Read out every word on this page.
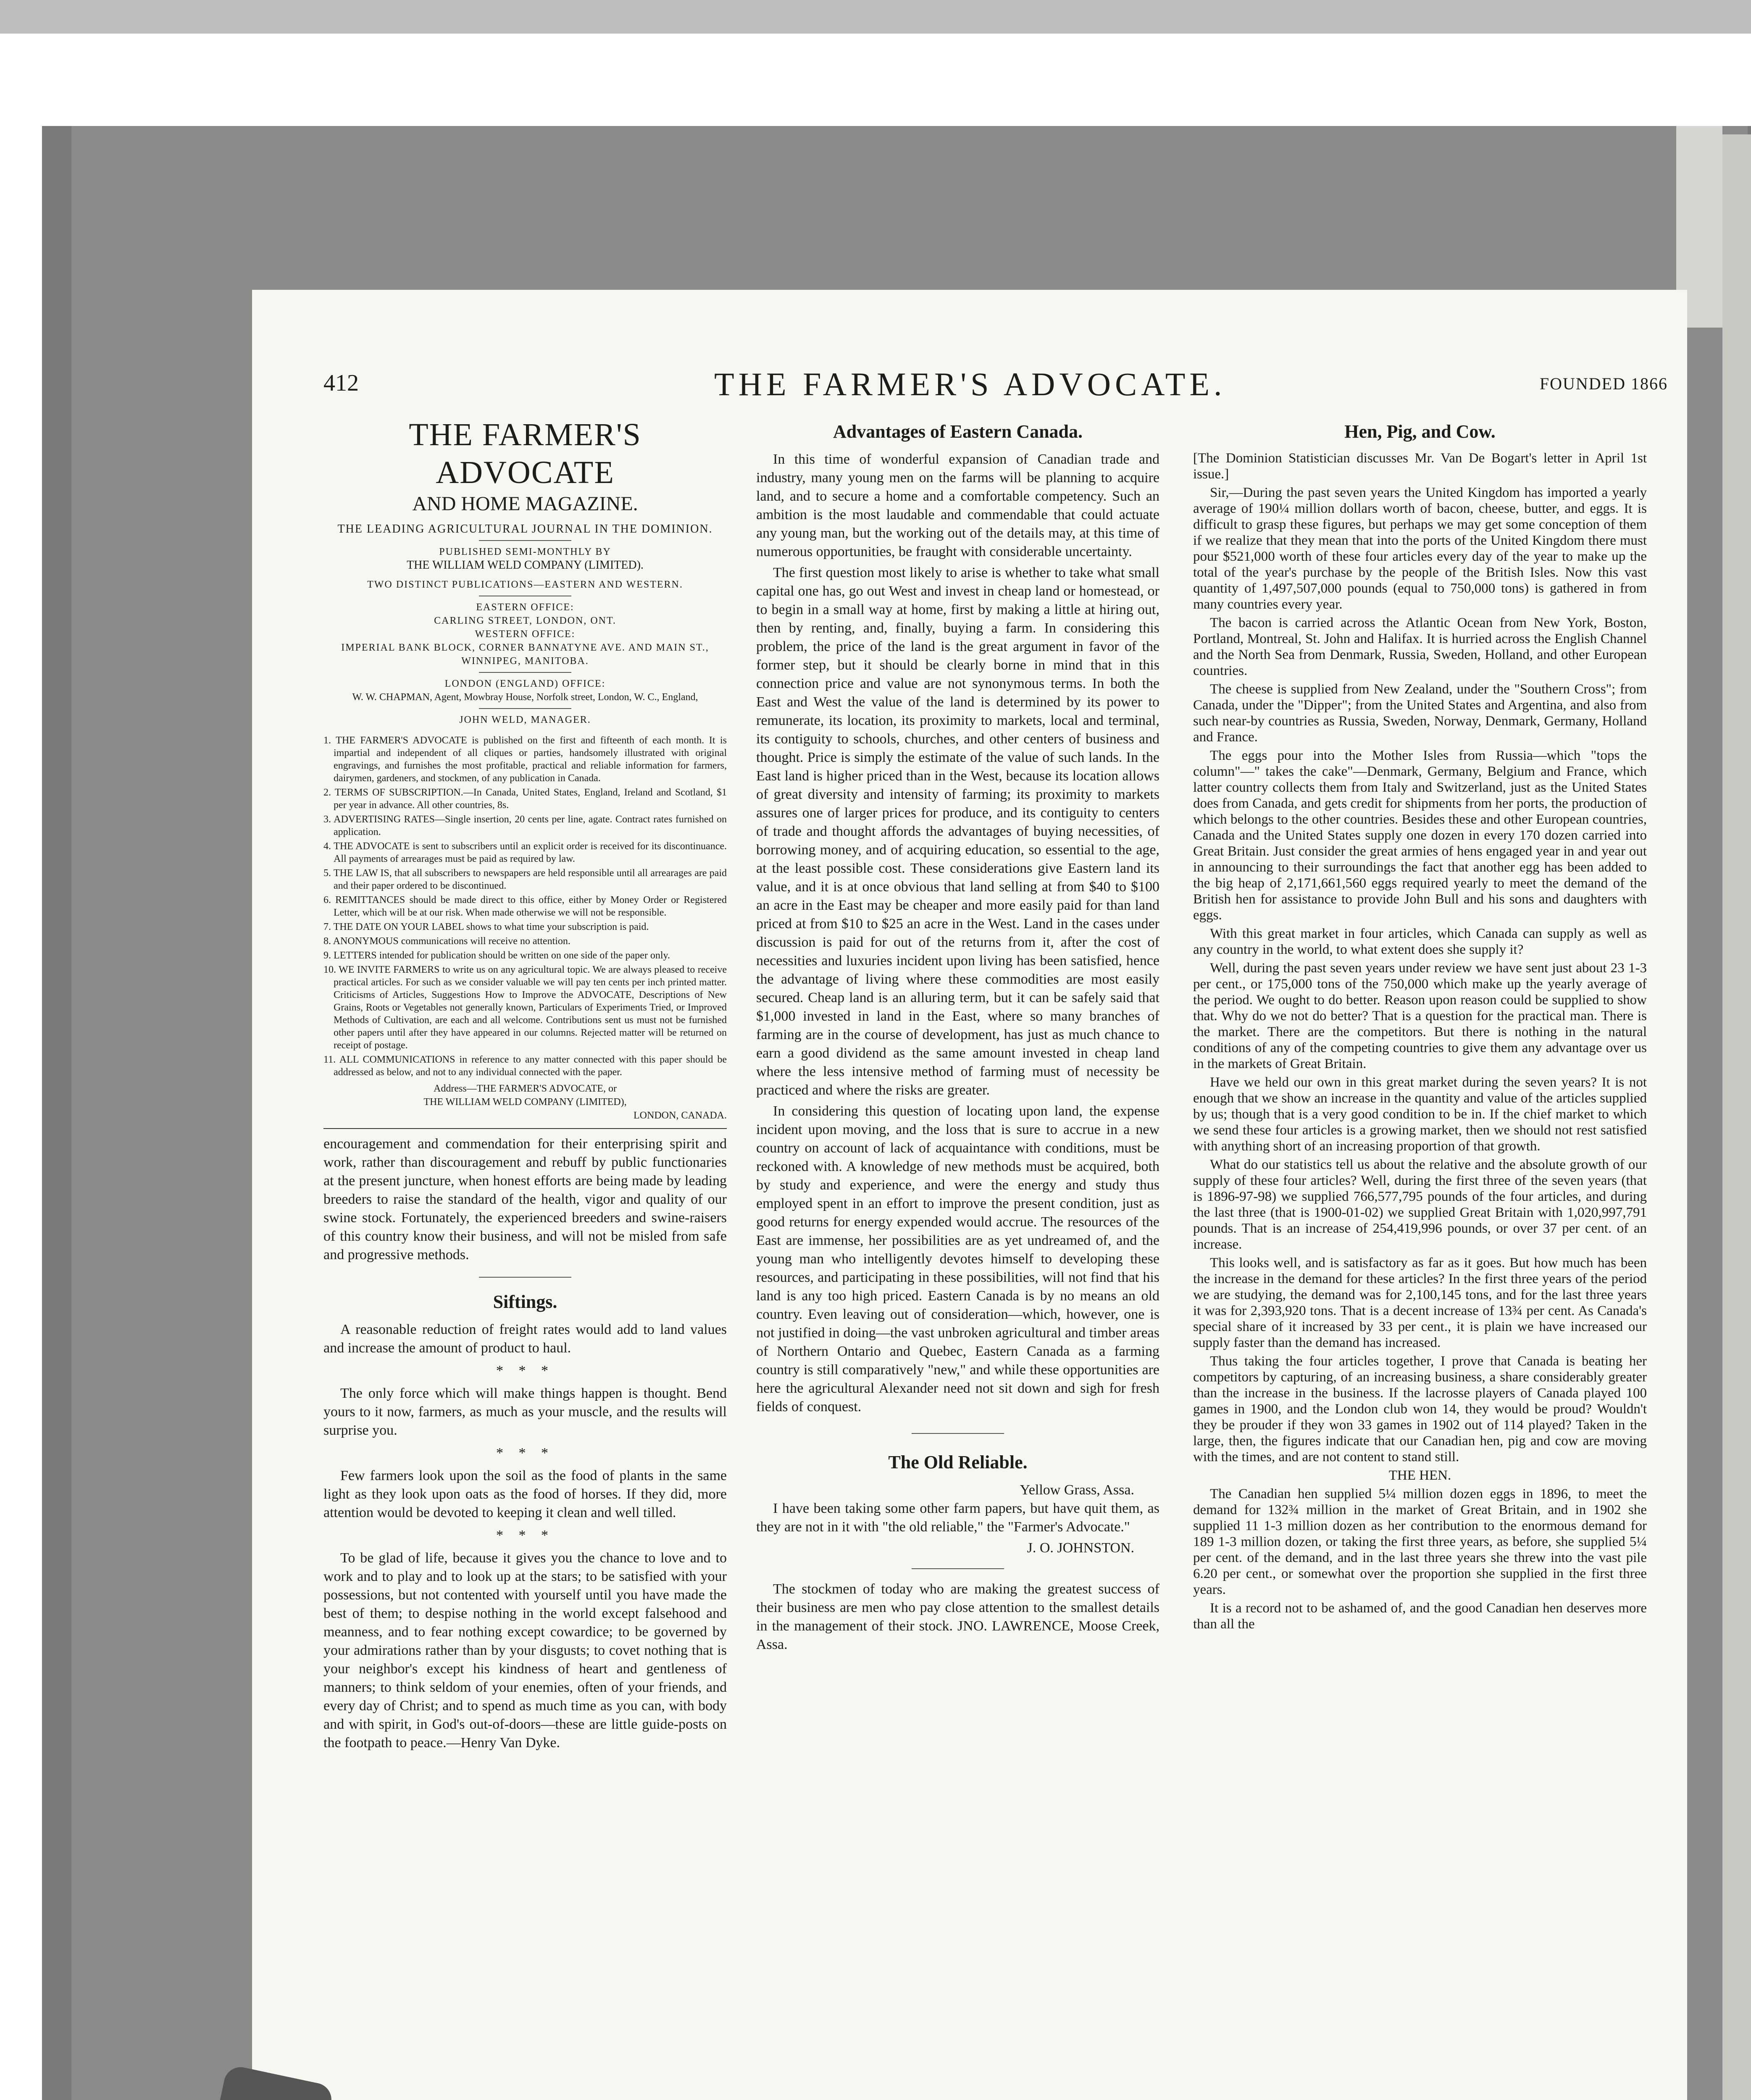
412	THE FARMER'S ADVOCATE.	FOUNDED 1866
THE FARMER'S ADVOCATE
AND HOME MAGAZINE.
THE LEADING AGRICULTURAL JOURNAL IN THE DOMINION.
PUBLISHED SEMI-MONTHLY BY
THE WILLIAM WELD COMPANY (LIMITED).
TWO DISTINCT PUBLICATIONS—EASTERN AND WESTERN.
EASTERN OFFICE:
CARLING STREET, LONDON, ONT.
WESTERN OFFICE:
IMPERIAL BANK BLOCK, CORNER BANNATYNE AVE. AND MAIN ST., WINNIPEG, MANITOBA.
LONDON (ENGLAND) OFFICE:
W. W. CHAPMAN, Agent, Mowbray House, Norfolk street, London, W. C., England,
JOHN WELD, MANAGER.

1. THE FARMER'S ADVOCATE is published on the first and fifteenth of each month. It is impartial and independent of all cliques or parties, handsomely illustrated with original engravings, and furnishes the most profitable, practical and reliable information for farmers, dairymen, gardeners, and stockmen, of any publication in Canada.

2. TERMS OF SUBSCRIPTION.—In Canada, United States, England, Ireland and Scotland, $1 per year in advance. All other countries, 8s.

3. ADVERTISING RATES—Single insertion, 20 cents per line, agate. Contract rates furnished on application.

4. THE ADVOCATE is sent to subscribers until an explicit order is received for its discontinuance. All payments of arrearages must be paid as required by law.

5. THE LAW IS, that all subscribers to newspapers are held responsible until all arrearages are paid and their paper ordered to be discontinued.

6. REMITTANCES should be made direct to this office, either by Money Order or Registered Letter, which will be at our risk. When made otherwise we will not be responsible.

7. THE DATE ON YOUR LABEL shows to what time your subscription is paid.

8. ANONYMOUS communications will receive no attention.

9. LETTERS intended for publication should be written on one side of the paper only.

10. WE INVITE FARMERS to write us on any agricultural topic. We are always pleased to receive practical articles. For such as we consider valuable we will pay ten cents per inch printed matter. Criticisms of Articles, Suggestions How to Improve the ADVOCATE, Descriptions of New Grains, Roots or Vegetables not generally known, Particulars of Experiments Tried, or Improved Methods of Cultivation, are each and all welcome. Contributions sent us must not be furnished other papers until after they have appeared in our columns. Rejected matter will be returned on receipt of postage.

11. ALL COMMUNICATIONS in reference to any matter connected with this paper should be addressed as below, and not to any individual connected with the paper.

Address—THE FARMER'S ADVOCATE, or
THE WILLIAM WELD COMPANY (LIMITED),
LONDON, CANADA.

encouragement and commendation for their enterprising spirit and work, rather than discouragement and rebuff by public functionaries at the present juncture, when honest efforts are being made by leading breeders to raise the standard of the health, vigor and quality of our swine stock. Fortunately, the experienced breeders and swine-raisers of this country know their business, and will not be misled from safe and progressive methods.

Siftings.

A reasonable reduction of freight rates would add to land values and increase the amount of product to haul.

* * *

The only force which will make things happen is thought. Bend yours to it now, farmers, as much as your muscle, and the results will surprise you.

* * *

Few farmers look upon the soil as the food of plants in the same light as they look upon oats as the food of horses. If they did, more attention would be devoted to keeping it clean and well tilled.

* * *

To be glad of life, because it gives you the chance to love and to work and to play and to look up at the stars; to be satisfied with your possessions, but not contented with yourself until you have made the best of them; to despise nothing in the world except falsehood and meanness, and to fear nothing except cowardice; to be governed by your admirations rather than by your disgusts; to covet nothing that is your neighbor's except his kindness of heart and gentleness of manners; to think seldom of your enemies, often of your friends, and every day of Christ; and to spend as much time as you can, with body and with spirit, in God's out-of-doors—these are little guide-posts on the footpath to peace.—Henry Van Dyke.

Advantages of Eastern Canada.

In this time of wonderful expansion of Canadian trade and industry, many young men on the farms will be planning to acquire land, and to secure a home and a comfortable competency. Such an ambition is the most laudable and commendable that could actuate any young man, but the working out of the details may, at this time of numerous opportunities, be fraught with considerable uncertainty.

The first question most likely to arise is whether to take what small capital one has, go out West and invest in cheap land or homestead, or to begin in a small way at home, first by making a little at hiring out, then by renting, and, finally, buying a farm. In considering this problem, the price of the land is the great argument in favor of the former step, but it should be clearly borne in mind that in this connection price and value are not synonymous terms. In both the East and West the value of the land is determined by its power to remunerate, its location, its proximity to markets, local and terminal, its contiguity to schools, churches, and other centers of business and thought. Price is simply the estimate of the value of such lands. In the East land is higher priced than in the West, because its location allows of great diversity and intensity of farming; its proximity to markets assures one of larger prices for produce, and its contiguity to centers of trade and thought affords the advantages of buying necessities, of borrowing money, and of acquiring education, so essential to the age, at the least possible cost. These considerations give Eastern land its value, and it is at once obvious that land selling at from $40 to $100 an acre in the East may be cheaper and more easily paid for than land priced at from $10 to $25 an acre in the West. Land in the cases under discussion is paid for out of the returns from it, after the cost of necessities and luxuries incident upon living has been satisfied, hence the advantage of living where these commodities are most easily secured. Cheap land is an alluring term, but it can be safely said that $1,000 invested in land in the East, where so many branches of farming are in the course of development, has just as much chance to earn a good dividend as the same amount invested in cheap land where the less intensive method of farming must of necessity be practiced and where the risks are greater.

In considering this question of locating upon land, the expense incident upon moving, and the loss that is sure to accrue in a new country on account of lack of acquaintance with conditions, must be reckoned with. A knowledge of new methods must be acquired, both by study and experience, and were the energy and study thus employed spent in an effort to improve the present condition, just as good returns for energy expended would accrue. The resources of the East are immense, her possibilities are as yet undreamed of, and the young man who intelligently devotes himself to developing these resources, and participating in these possibilities, will not find that his land is any too high priced. Eastern Canada is by no means an old country. Even leaving out of consideration—which, however, one is not justified in doing—the vast unbroken agricultural and timber areas of Northern Ontario and Quebec, Eastern Canada as a farming country is still comparatively "new," and while these opportunities are here the agricultural Alexander need not sit down and sigh for fresh fields of conquest.

The Old Reliable.
Yellow Grass, Assa.

I have been taking some other farm papers, but have quit them, as they are not in it with "the old reliable," the "Farmer's Advocate."

J. O. JOHNSTON.

The stockmen of today who are making the greatest success of their business are men who pay close attention to the smallest details in the management of their stock. JNO. LAWRENCE, Moose Creek, Assa.

Hen, Pig, and Cow.

[The Dominion Statistician discusses Mr. Van De Bogart's letter in April 1st issue.]

Sir,—During the past seven years the United Kingdom has imported a yearly average of 190¼ million dollars worth of bacon, cheese, butter, and eggs. It is difficult to grasp these figures, but perhaps we may get some conception of them if we realize that they mean that into the ports of the United Kingdom there must pour $521,000 worth of these four articles every day of the year to make up the total of the year's purchase by the people of the British Isles. Now this vast quantity of 1,497,507,000 pounds (equal to 750,000 tons) is gathered in from many countries every year.

The bacon is carried across the Atlantic Ocean from New York, Boston, Portland, Montreal, St. John and Halifax. It is hurried across the English Channel and the North Sea from Denmark, Russia, Sweden, Holland, and other European countries.

The cheese is supplied from New Zealand, under the "Southern Cross"; from Canada, under the "Dipper"; from the United States and Argentina, and also from such near-by countries as Russia, Sweden, Norway, Denmark, Germany, Holland and France.

The eggs pour into the Mother Isles from Russia—which "tops the column"—" takes the cake"—Denmark, Germany, Belgium and France, which latter country collects them from Italy and Switzerland, just as the United States does from Canada, and gets credit for shipments from her ports, the production of which belongs to the other countries. Besides these and other European countries, Canada and the United States supply one dozen in every 170 dozen carried into Great Britain. Just consider the great armies of hens engaged year in and year out in announcing to their surroundings the fact that another egg has been added to the big heap of 2,171,661,560 eggs required yearly to meet the demand of the British hen for assistance to provide John Bull and his sons and daughters with eggs.

With this great market in four articles, which Canada can supply as well as any country in the world, to what extent does she supply it?

Well, during the past seven years under review we have sent just about 23 1-3 per cent., or 175,000 tons of the 750,000 which make up the yearly average of the period. We ought to do better. Reason upon reason could be supplied to show that. Why do we not do better? That is a question for the practical man. There is the market. There are the competitors. But there is nothing in the natural conditions of any of the competing countries to give them any advantage over us in the markets of Great Britain.

Have we held our own in this great market during the seven years? It is not enough that we show an increase in the quantity and value of the articles supplied by us; though that is a very good condition to be in. If the chief market to which we send these four articles is a growing market, then we should not rest satisfied with anything short of an increasing proportion of that growth.

What do our statistics tell us about the relative and the absolute growth of our supply of these four articles? Well, during the first three of the seven years (that is 1896-97-98) we supplied 766,577,795 pounds of the four articles, and during the last three (that is 1900-01-02) we supplied Great Britain with 1,020,997,791 pounds. That is an increase of 254,419,996 pounds, or over 37 per cent. of an increase.

This looks well, and is satisfactory as far as it goes. But how much has been the increase in the demand for these articles? In the first three years of the period we are studying, the demand was for 2,100,145 tons, and for the last three years it was for 2,393,920 tons. That is a decent increase of 13¾ per cent. As Canada's special share of it increased by 33 per cent., it is plain we have increased our supply faster than the demand has increased.

Thus taking the four articles together, I prove that Canada is beating her competitors by capturing, of an increasing business, a share considerably greater than the increase in the business. If the lacrosse players of Canada played 100 games in 1900, and the London club won 14, they would be proud? Wouldn't they be prouder if they won 33 games in 1902 out of 114 played? Taken in the large, then, the figures indicate that our Canadian hen, pig and cow are moving with the times, and are not content to stand still.

THE HEN.

The Canadian hen supplied 5¼ million dozen eggs in 1896, to meet the demand for 132¾ million in the market of Great Britain, and in 1902 she supplied 11 1-3 million dozen as her contribution to the enormous demand for 189 1-3 million dozen, or taking the first three years, as before, she supplied 5¼ per cent. of the demand, and in the last three years she threw into the vast pile 6.20 per cent., or somewhat over the proportion she supplied in the first three years.

It is a record not to be ashamed of, and the good Canadian hen deserves more than all the
